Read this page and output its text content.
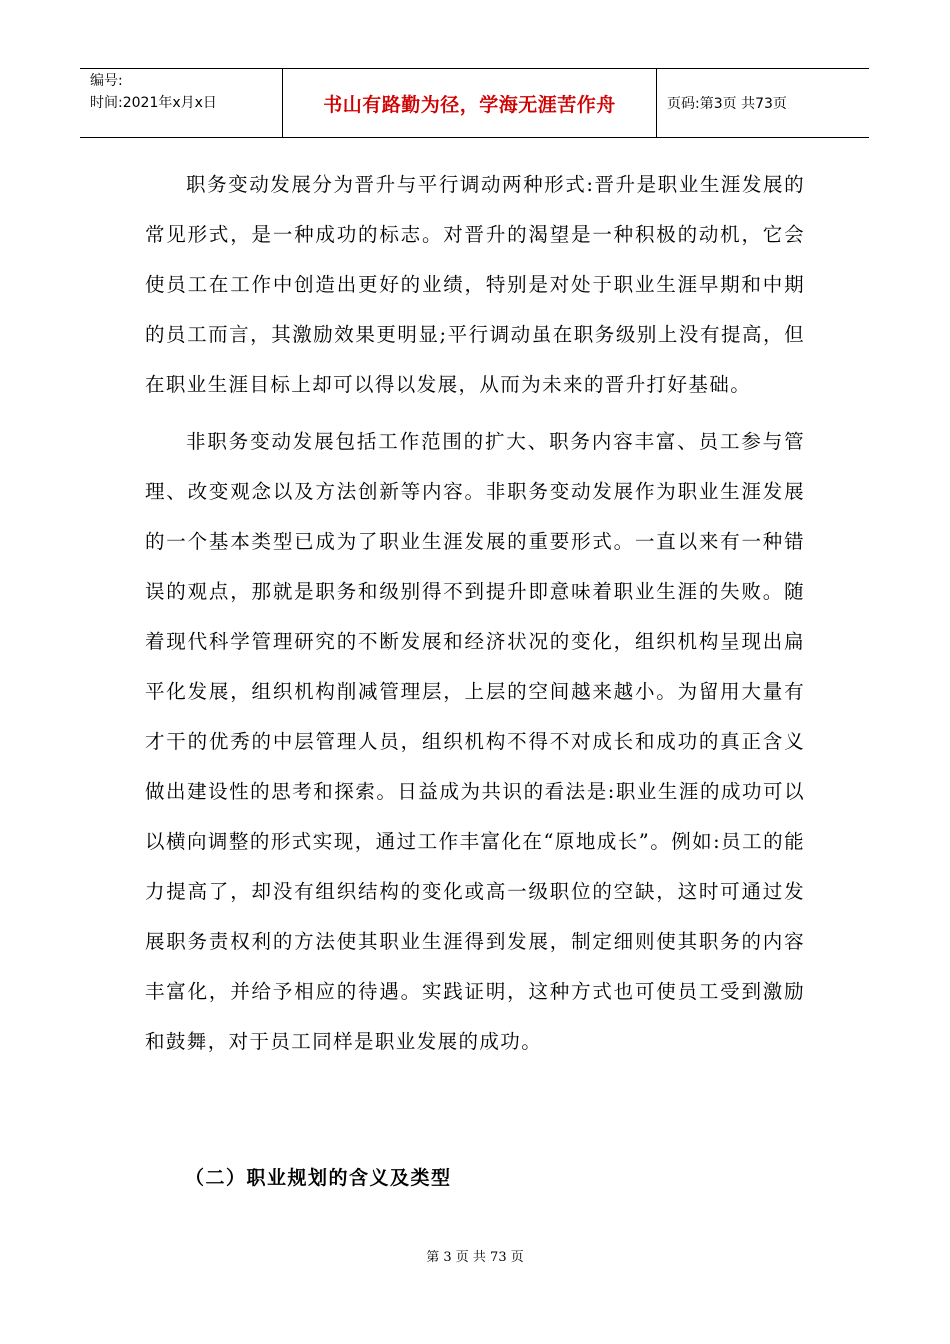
编号:
时间:2021年x月x日	书山有路勤为径，学海无涯苦作舟	页码:第3页 共73页

职务变动发展分为晋升与平行调动两种形式:晋升是职业生涯发展的常见形式，是一种成功的标志。对晋升的渴望是一种积极的动机，它会使员工在工作中创造出更好的业绩，特别是对处于职业生涯早期和中期的员工而言，其激励效果更明显;平行调动虽在职务级别上没有提高，但在职业生涯目标上却可以得以发展，从而为未来的晋升打好基础。

非职务变动发展包括工作范围的扩大、职务内容丰富、员工参与管理、改变观念以及方法创新等内容。非职务变动发展作为职业生涯发展的一个基本类型已成为了职业生涯发展的重要形式。一直以来有一种错误的观点，那就是职务和级别得不到提升即意味着职业生涯的失败。随着现代科学管理研究的不断发展和经济状况的变化，组织机构呈现出扁平化发展，组织机构削减管理层，上层的空间越来越小。为留用大量有才干的优秀的中层管理人员，组织机构不得不对成长和成功的真正含义做出建设性的思考和探索。日益成为共识的看法是:职业生涯的成功可以以横向调整的形式实现，通过工作丰富化在“原地成长”。例如:员工的能力提高了，却没有组织结构的变化或高一级职位的空缺，这时可通过发展职务责权利的方法使其职业生涯得到发展，制定细则使其职务的内容丰富化，并给予相应的待遇。实践证明，这种方式也可使员工受到激励和鼓舞，对于员工同样是职业发展的成功。

（二）职业规划的含义及类型
第 3 页 共 73 页
